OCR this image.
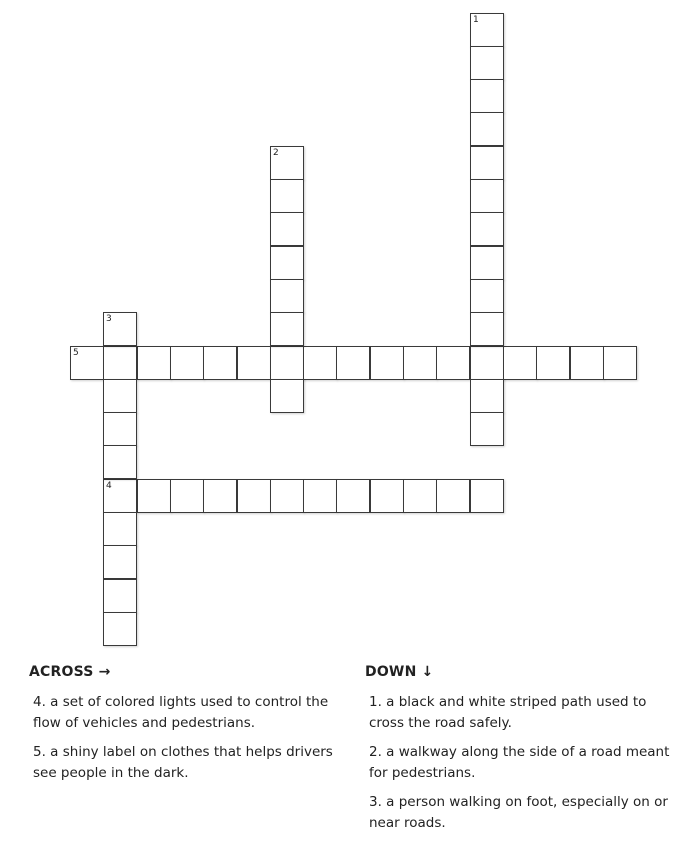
5
4
1
2
3
ACROSS →
4. a set of colored lights used to control the flow of vehicles and pedestrians.
5. a shiny label on clothes that helps drivers see people in the dark.
DOWN ↓
1. a black and white striped path used to cross the road safely.
2. a walkway along the side of a road meant for pedestrians.
3. a person walking on foot, especially on or near roads.
